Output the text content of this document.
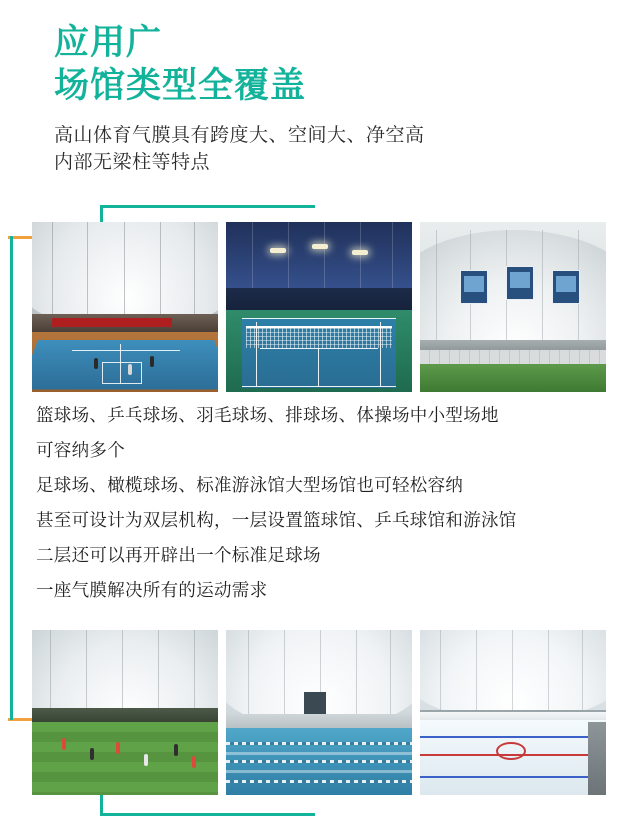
应用广
场馆类型全覆盖
高山体育气膜具有跨度大、空间大、净空高
内部无梁柱等特点

篮球场、乒乓球场、羽毛球场、排球场、体操场中小型场地

可容纳多个

足球场、橄榄球场、标准游泳馆大型场馆也可轻松容纳

甚至可设计为双层机构，一层设置篮球馆、乒乓球馆和游泳馆

二层还可以再开辟出一个标准足球场

一座气膜解决所有的运动需求
